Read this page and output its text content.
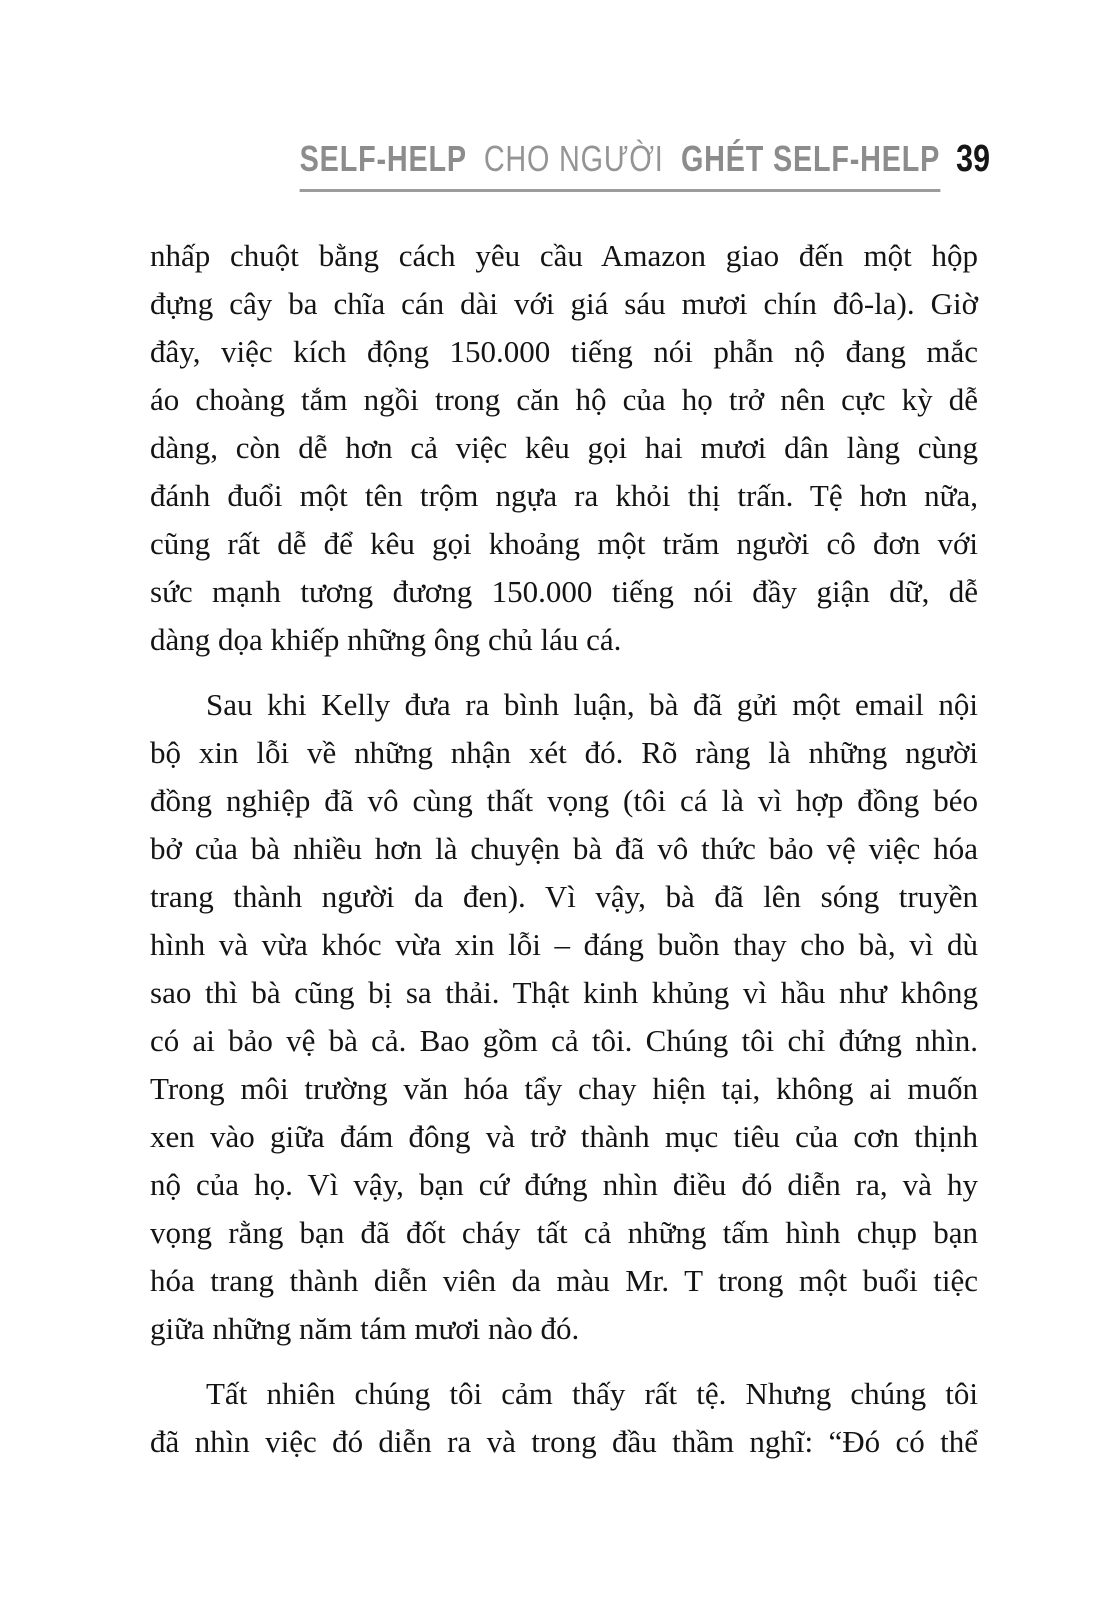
SELF-HELP CHO NGƯỜI GHÉT SELF-HELP 39

nhấp chuột bằng cách yêu cầu Amazon giao đến một hộp
đựng cây ba chĩa cán dài với giá sáu mươi chín đô-la). Giờ
đây, việc kích động 150.000 tiếng nói phẫn nộ đang mắc
áo choàng tắm ngồi trong căn hộ của họ trở nên cực kỳ dễ
dàng, còn dễ hơn cả việc kêu gọi hai mươi dân làng cùng
đánh đuổi một tên trộm ngựa ra khỏi thị trấn. Tệ hơn nữa,
cũng rất dễ để kêu gọi khoảng một trăm người cô đơn với
sức mạnh tương đương 150.000 tiếng nói đầy giận dữ, dễ
dàng dọa khiếp những ông chủ láu cá.

Sau khi Kelly đưa ra bình luận, bà đã gửi một email nội
bộ xin lỗi về những nhận xét đó. Rõ ràng là những người
đồng nghiệp đã vô cùng thất vọng (tôi cá là vì hợp đồng béo
bở của bà nhiều hơn là chuyện bà đã vô thức bảo vệ việc hóa
trang thành người da đen). Vì vậy, bà đã lên sóng truyền
hình và vừa khóc vừa xin lỗi – đáng buồn thay cho bà, vì dù
sao thì bà cũng bị sa thải. Thật kinh khủng vì hầu như không
có ai bảo vệ bà cả. Bao gồm cả tôi. Chúng tôi chỉ đứng nhìn.
Trong môi trường văn hóa tẩy chay hiện tại, không ai muốn
xen vào giữa đám đông và trở thành mục tiêu của cơn thịnh
nộ của họ. Vì vậy, bạn cứ đứng nhìn điều đó diễn ra, và hy
vọng rằng bạn đã đốt cháy tất cả những tấm hình chụp bạn
hóa trang thành diễn viên da màu Mr. T trong một buổi tiệc
giữa những năm tám mươi nào đó.

Tất nhiên chúng tôi cảm thấy rất tệ. Nhưng chúng tôi
đã nhìn việc đó diễn ra và trong đầu thầm nghĩ: “Đó có thể
